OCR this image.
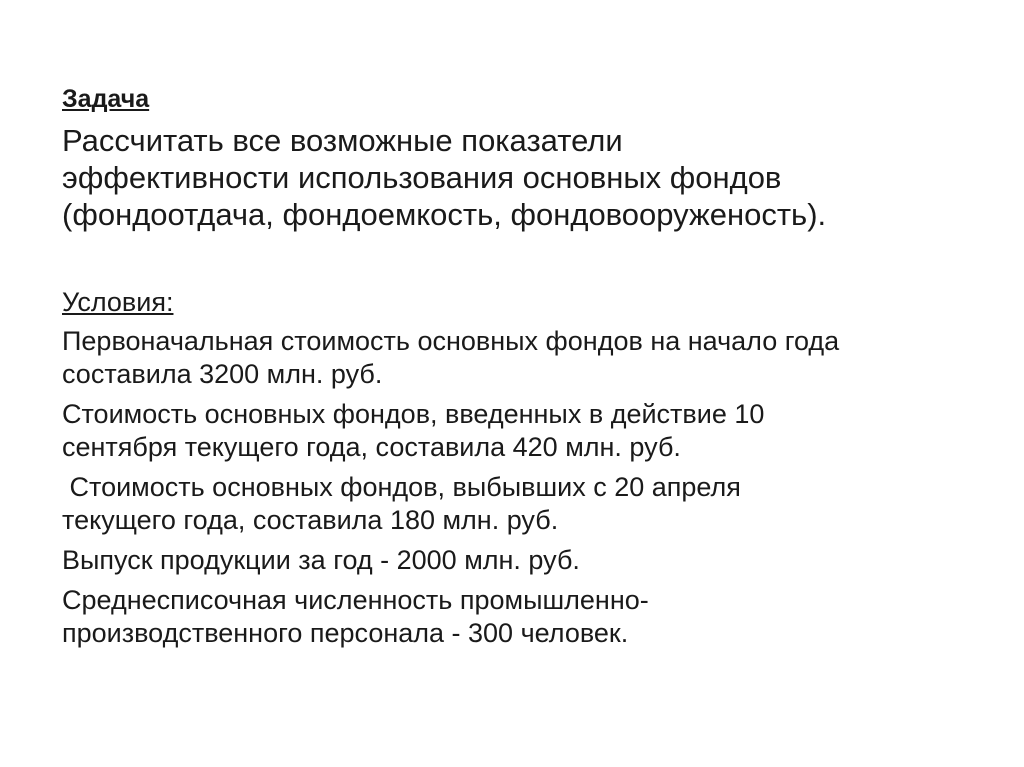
Задача
Рассчитать все возможные показатели
эффективности использования основных фондов
(фондоотдача, фондоемкость, фондовооруженость).
Условия:
Первоначальная стоимость основных фондов на начало года
составила 3200 млн. руб.
Стоимость основных фондов, введенных в действие 10
сентября текущего года, составила 420 млн. руб.
Стоимость основных фондов, выбывших с 20 апреля
текущего года, составила 180 млн. руб.
Выпуск продукции за год - 2000 млн. руб.
Среднесписочная численность промышленно-
производственного персонала - 300 человек.
